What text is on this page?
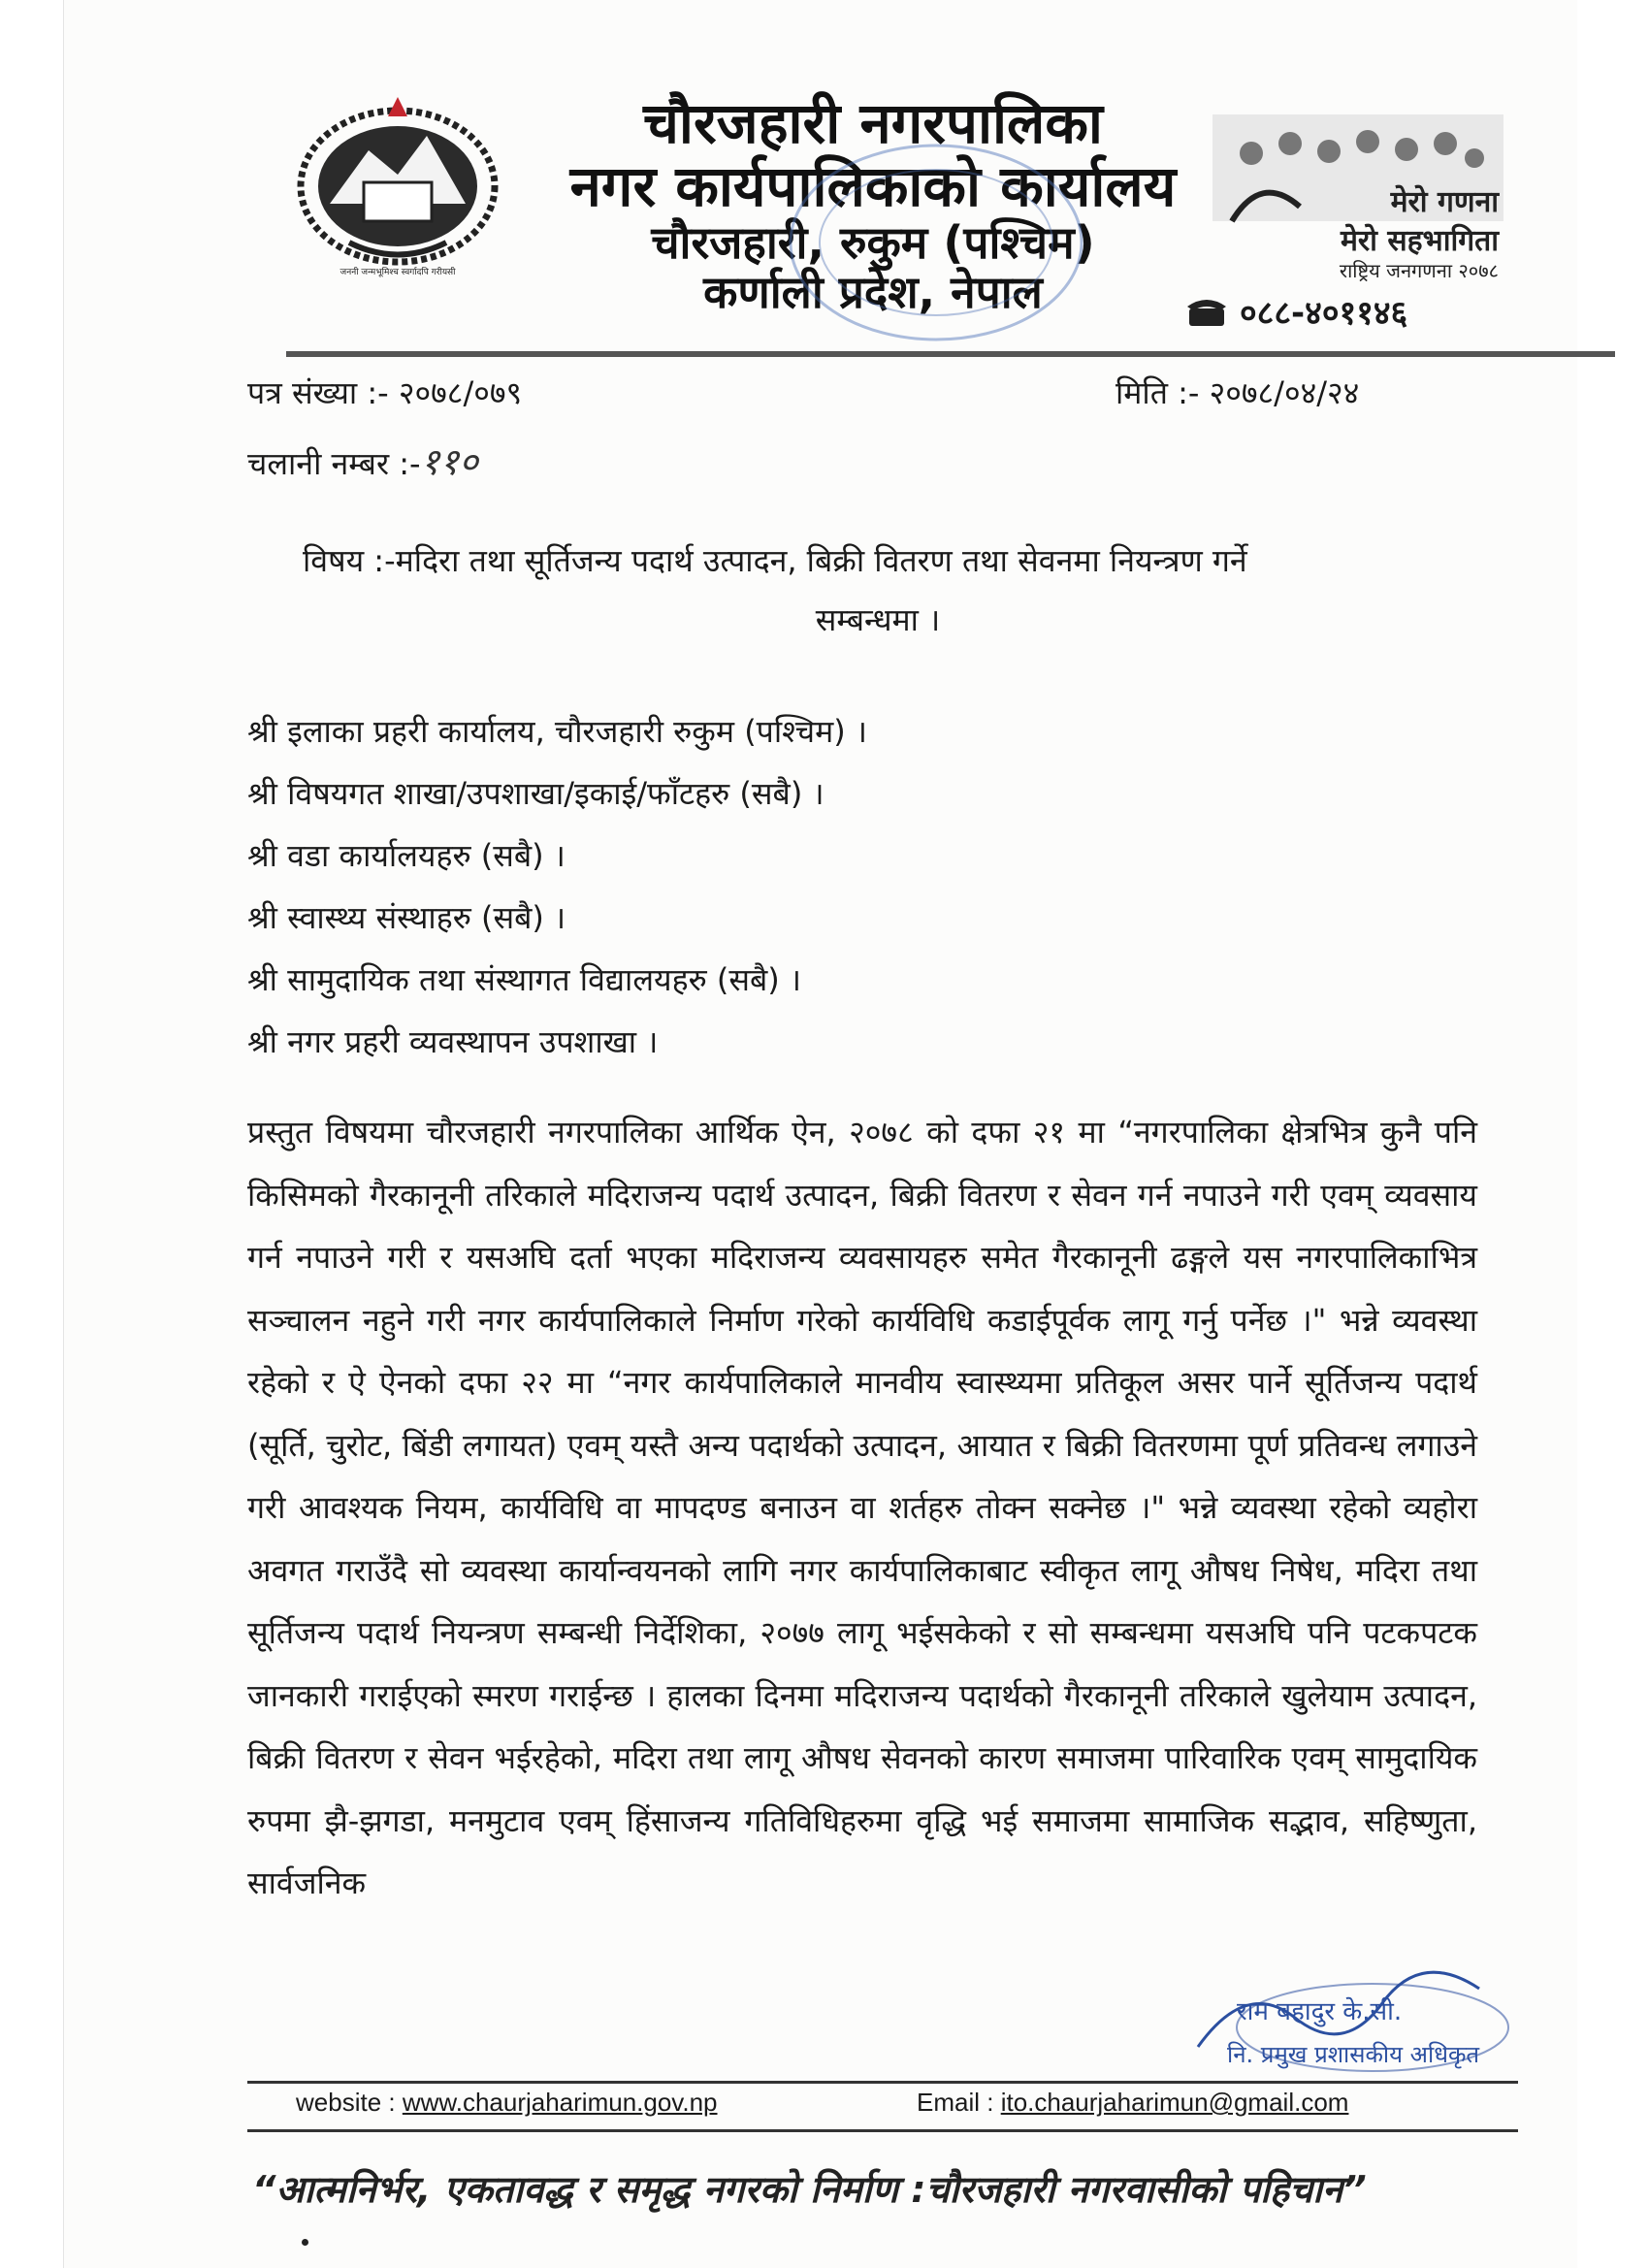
जननी जन्मभूमिश्च स्वर्गादपि गरीयसी
चौरजहारी नगरपालिका
नगर कार्यपालिकाको कार्यालय
चौरजहारी, रुकुम (पश्चिम)
कर्णाली प्रदेश, नेपाल
मेरो गणना
मेरो सहभागिता
राष्ट्रिय जनगणना २०७८
०८८-४०११४६
पत्र संख्या :- २०७८/०७९	मिति :- २०७८/०४/२४
चलानी नम्बर :-११०
विषय :-मदिरा तथा सूर्तिजन्य पदार्थ उत्पादन, बिक्री वितरण तथा सेवनमा नियन्त्रण गर्ने
सम्बन्धमा ।
श्री इलाका प्रहरी कार्यालय, चौरजहारी रुकुम (पश्चिम) ।
श्री विषयगत शाखा/उपशाखा/इकाई/फाँटहरु (सबै) ।
श्री वडा कार्यालयहरु (सबै) ।
श्री स्वास्थ्य संस्थाहरु (सबै) ।
श्री सामुदायिक तथा संस्थागत विद्यालयहरु (सबै) ।
श्री नगर प्रहरी व्यवस्थापन उपशाखा ।

प्रस्तुत विषयमा चौरजहारी नगरपालिका आर्थिक ऐन, २०७८ को दफा २१ मा “नगरपालिका क्षेत्रभित्र कुनै पनि किसिमको गैरकानूनी तरिकाले मदिराजन्य पदार्थ उत्पादन, बिक्री वितरण र सेवन गर्न नपाउने गरी एवम् व्यवसाय गर्न नपाउने गरी र यसअघि दर्ता भएका मदिराजन्य व्यवसायहरु समेत गैरकानूनी ढङ्गले यस नगरपालिकाभित्र सञ्चालन नहुने गरी नगर कार्यपालिकाले निर्माण गरेको कार्यविधि कडाईपूर्वक लागू गर्नु पर्नेछ ।" भन्ने व्यवस्था रहेको र ऐ ऐनको दफा २२ मा “नगर कार्यपालिकाले मानवीय स्वास्थ्यमा प्रतिकूल असर पार्ने सूर्तिजन्य पदार्थ (सूर्ति, चुरोट, बिंडी लगायत) एवम् यस्तै अन्य पदार्थको उत्पादन, आयात र बिक्री वितरणमा पूर्ण प्रतिवन्ध लगाउने गरी आवश्यक नियम, कार्यविधि वा मापदण्ड बनाउन वा शर्तहरु तोक्न सक्नेछ ।" भन्ने व्यवस्था रहेको व्यहोरा अवगत गराउँदै सो व्यवस्था कार्यान्वयनको लागि नगर कार्यपालिकाबाट स्वीकृत लागू औषध निषेध, मदिरा तथा सूर्तिजन्य पदार्थ नियन्त्रण सम्बन्धी निर्देशिका, २०७७ लागू भईसकेको र सो सम्बन्धमा यसअघि पनि पटकपटक जानकारी गराईएको स्मरण गराईन्छ । हालका दिनमा मदिराजन्य पदार्थको गैरकानूनी तरिकाले खुलेयाम उत्पादन, बिक्री वितरण र सेवन भईरहेको, मदिरा तथा लागू औषध सेवनको कारण समाजमा पारिवारिक एवम् सामुदायिक रुपमा झै-झगडा, मनमुटाव एवम् हिंसाजन्य गतिविधिहरुमा वृद्धि भई समाजमा सामाजिक सद्भाव, सहिष्णुता, सार्वजनिक

राम बहादुर के.सी.
नि. प्रमुख प्रशासकीय अधिकृत
website : www.chaurjaharimun.gov.np	Email : ito.chaurjaharimun@gmail.com
“आत्मनिर्भर, एकतावद्ध र समृद्ध नगरको निर्माण :चौरजहारी नगरवासीको पहिचान”
